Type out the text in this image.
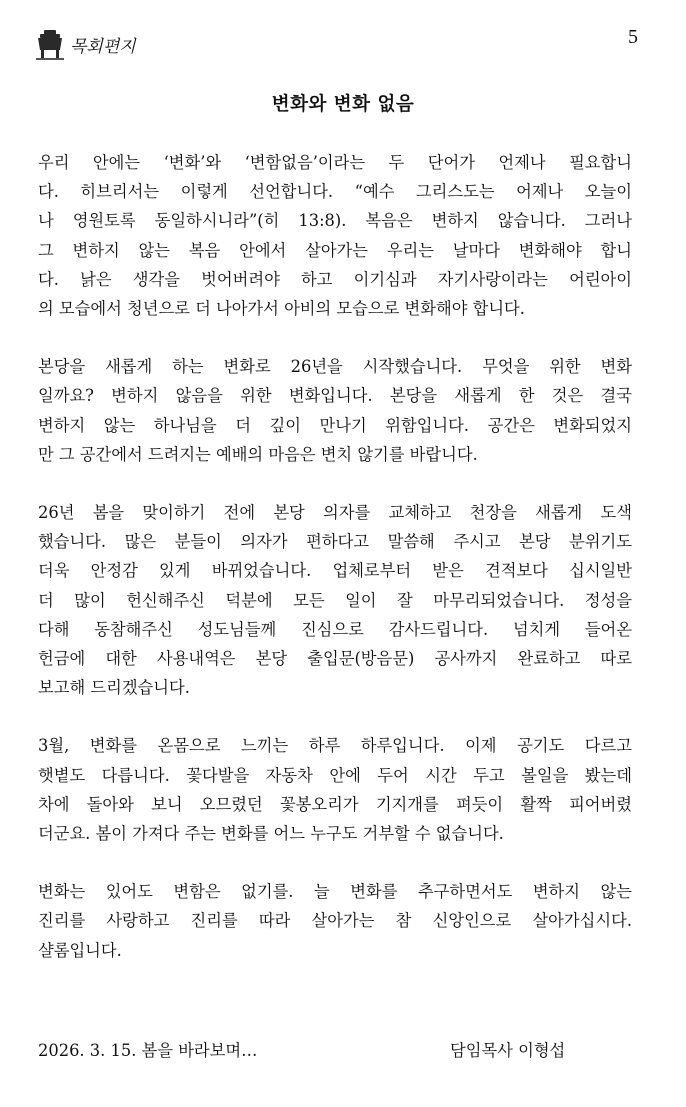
목회편지	5
변화와 변화 없음
우리 안에는 ‘변화’와 ‘변함없음’이라는 두 단어가 언제나 필요합니
다. 히브리서는 이렇게 선언합니다. “예수 그리스도는 어제나 오늘이
나 영원토록 동일하시니라”(히 13:8). 복음은 변하지 않습니다. 그러나
그 변하지 않는 복음 안에서 살아가는 우리는 날마다 변화해야 합니
다. 낡은 생각을 벗어버려야 하고 이기심과 자기사랑이라는 어린아이
의 모습에서 청년으로 더 나아가서 아비의 모습으로 변화해야 합니다.
본당을 새롭게 하는 변화로 26년을 시작했습니다. 무엇을 위한 변화
일까요? 변하지 않음을 위한 변화입니다. 본당을 새롭게 한 것은 결국
변하지 않는 하나님을 더 깊이 만나기 위함입니다. 공간은 변화되었지
만 그 공간에서 드려지는 예배의 마음은 변치 않기를 바랍니다.
26년 봄을 맞이하기 전에 본당 의자를 교체하고 천장을 새롭게 도색
했습니다. 많은 분들이 의자가 편하다고 말씀해 주시고 본당 분위기도
더욱 안정감 있게 바뀌었습니다. 업체로부터 받은 견적보다 십시일반
더 많이 헌신해주신 덕분에 모든 일이 잘 마무리되었습니다. 정성을
다해 동참해주신 성도님들께 진심으로 감사드립니다. 넘치게 들어온
헌금에 대한 사용내역은 본당 출입문(방음문) 공사까지 완료하고 따로
보고해 드리겠습니다.
3월, 변화를 온몸으로 느끼는 하루 하루입니다. 이제 공기도 다르고
햇볕도 다릅니다. 꽃다발을 자동차 안에 두어 시간 두고 볼일을 봤는데
차에 돌아와 보니 오므렸던 꽃봉오리가 기지개를 펴듯이 활짝 피어버렸
더군요. 봄이 가져다 주는 변화를 어느 누구도 거부할 수 없습니다.
변화는 있어도 변함은 없기를. 늘 변화를 추구하면서도 변하지 않는
진리를 사랑하고 진리를 따라 살아가는 참 신앙인으로 살아가십시다.
샬롬입니다.
2026. 3. 15. 봄을 바라보며…	담임목사 이형섭
